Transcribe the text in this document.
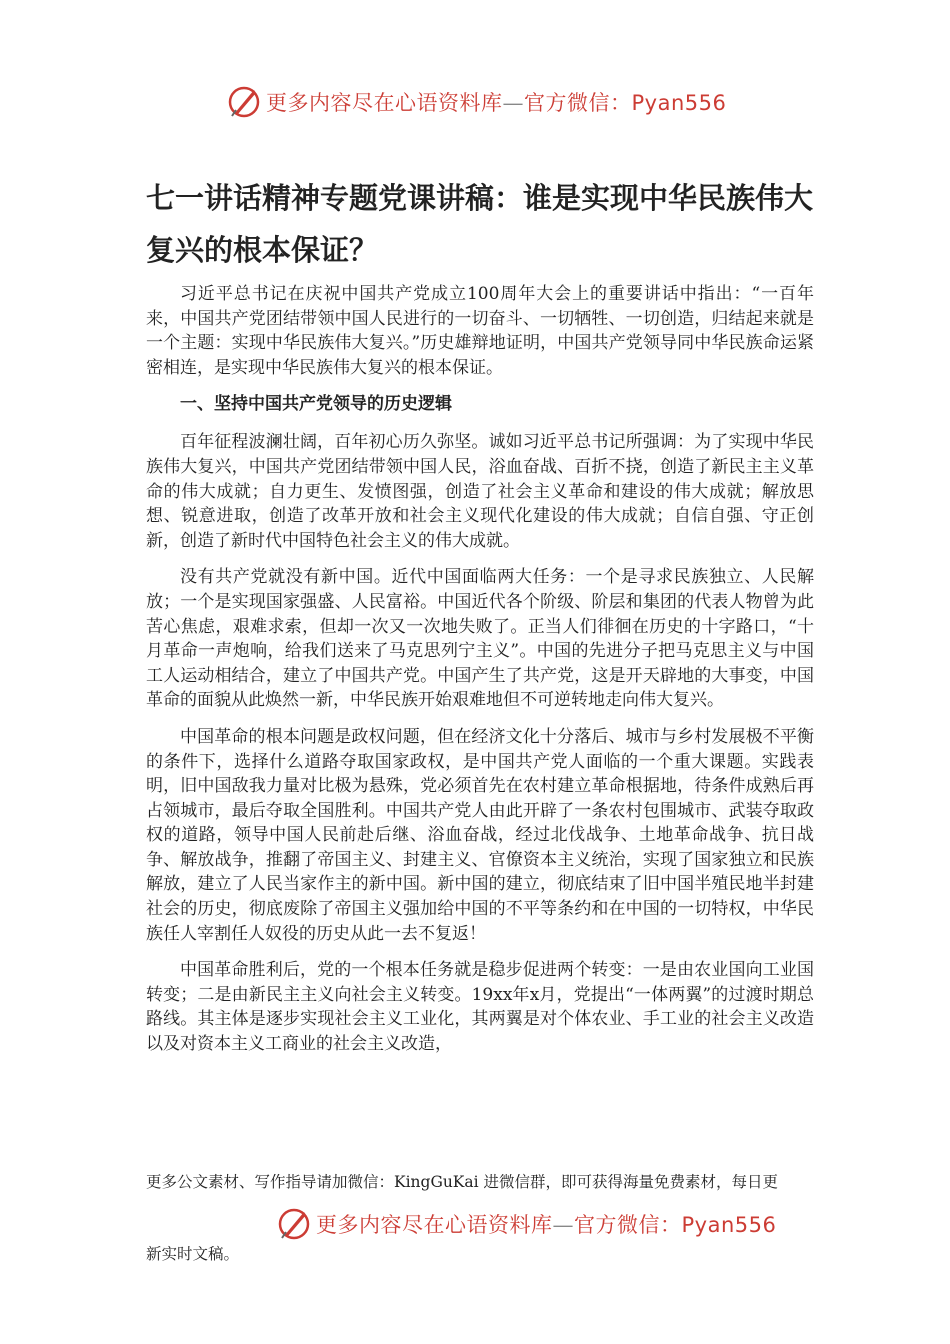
更多内容尽在心语资料库—官方微信：Pyan556
七一讲话精神专题党课讲稿：谁是实现中华民族伟大复兴的根本保证？

习近平总书记在庆祝中国共产党成立100周年大会上的重要讲话中指出：“一百年来，中国共产党团结带领中国人民进行的一切奋斗、一切牺牲、一切创造，归结起来就是一个主题：实现中华民族伟大复兴。”历史雄辩地证明，中国共产党领导同中华民族命运紧密相连，是实现中华民族伟大复兴的根本保证。

一、坚持中国共产党领导的历史逻辑

百年征程波澜壮阔，百年初心历久弥坚。诚如习近平总书记所强调：为了实现中华民族伟大复兴，中国共产党团结带领中国人民，浴血奋战、百折不挠，创造了新民主主义革命的伟大成就；自力更生、发愤图强，创造了社会主义革命和建设的伟大成就；解放思想、锐意进取，创造了改革开放和社会主义现代化建设的伟大成就；自信自强、守正创新，创造了新时代中国特色社会主义的伟大成就。

没有共产党就没有新中国。近代中国面临两大任务：一个是寻求民族独立、人民解放；一个是实现国家强盛、人民富裕。中国近代各个阶级、阶层和集团的代表人物曾为此苦心焦虑，艰难求索，但却一次又一次地失败了。正当人们徘徊在历史的十字路口，“十月革命一声炮响，给我们送来了马克思列宁主义”。中国的先进分子把马克思主义与中国工人运动相结合，建立了中国共产党。中国产生了共产党，这是开天辟地的大事变，中国革命的面貌从此焕然一新，中华民族开始艰难地但不可逆转地走向伟大复兴。

中国革命的根本问题是政权问题，但在经济文化十分落后、城市与乡村发展极不平衡的条件下，选择什么道路夺取国家政权，是中国共产党人面临的一个重大课题。实践表明，旧中国敌我力量对比极为悬殊，党必须首先在农村建立革命根据地，待条件成熟后再占领城市，最后夺取全国胜利。中国共产党人由此开辟了一条农村包围城市、武装夺取政权的道路，领导中国人民前赴后继、浴血奋战，经过北伐战争、土地革命战争、抗日战争、解放战争，推翻了帝国主义、封建主义、官僚资本主义统治，实现了国家独立和民族解放，建立了人民当家作主的新中国。新中国的建立，彻底结束了旧中国半殖民地半封建社会的历史，彻底废除了帝国主义强加给中国的不平等条约和在中国的一切特权，中华民族任人宰割任人奴役的历史从此一去不复返！

中国革命胜利后，党的一个根本任务就是稳步促进两个转变：一是由农业国向工业国转变；二是由新民主主义向社会主义转变。19xx年x月，党提出“一体两翼”的过渡时期总路线。其主体是逐步实现社会主义工业化，其两翼是对个体农业、手工业的社会主义改造以及对资本主义工商业的社会主义改造，

更多公文素材、写作指导请加微信：KingGuKai 进微信群，即可获得海量免费素材，每日更
更多内容尽在心语资料库—官方微信：Pyan556
新实时文稿。
